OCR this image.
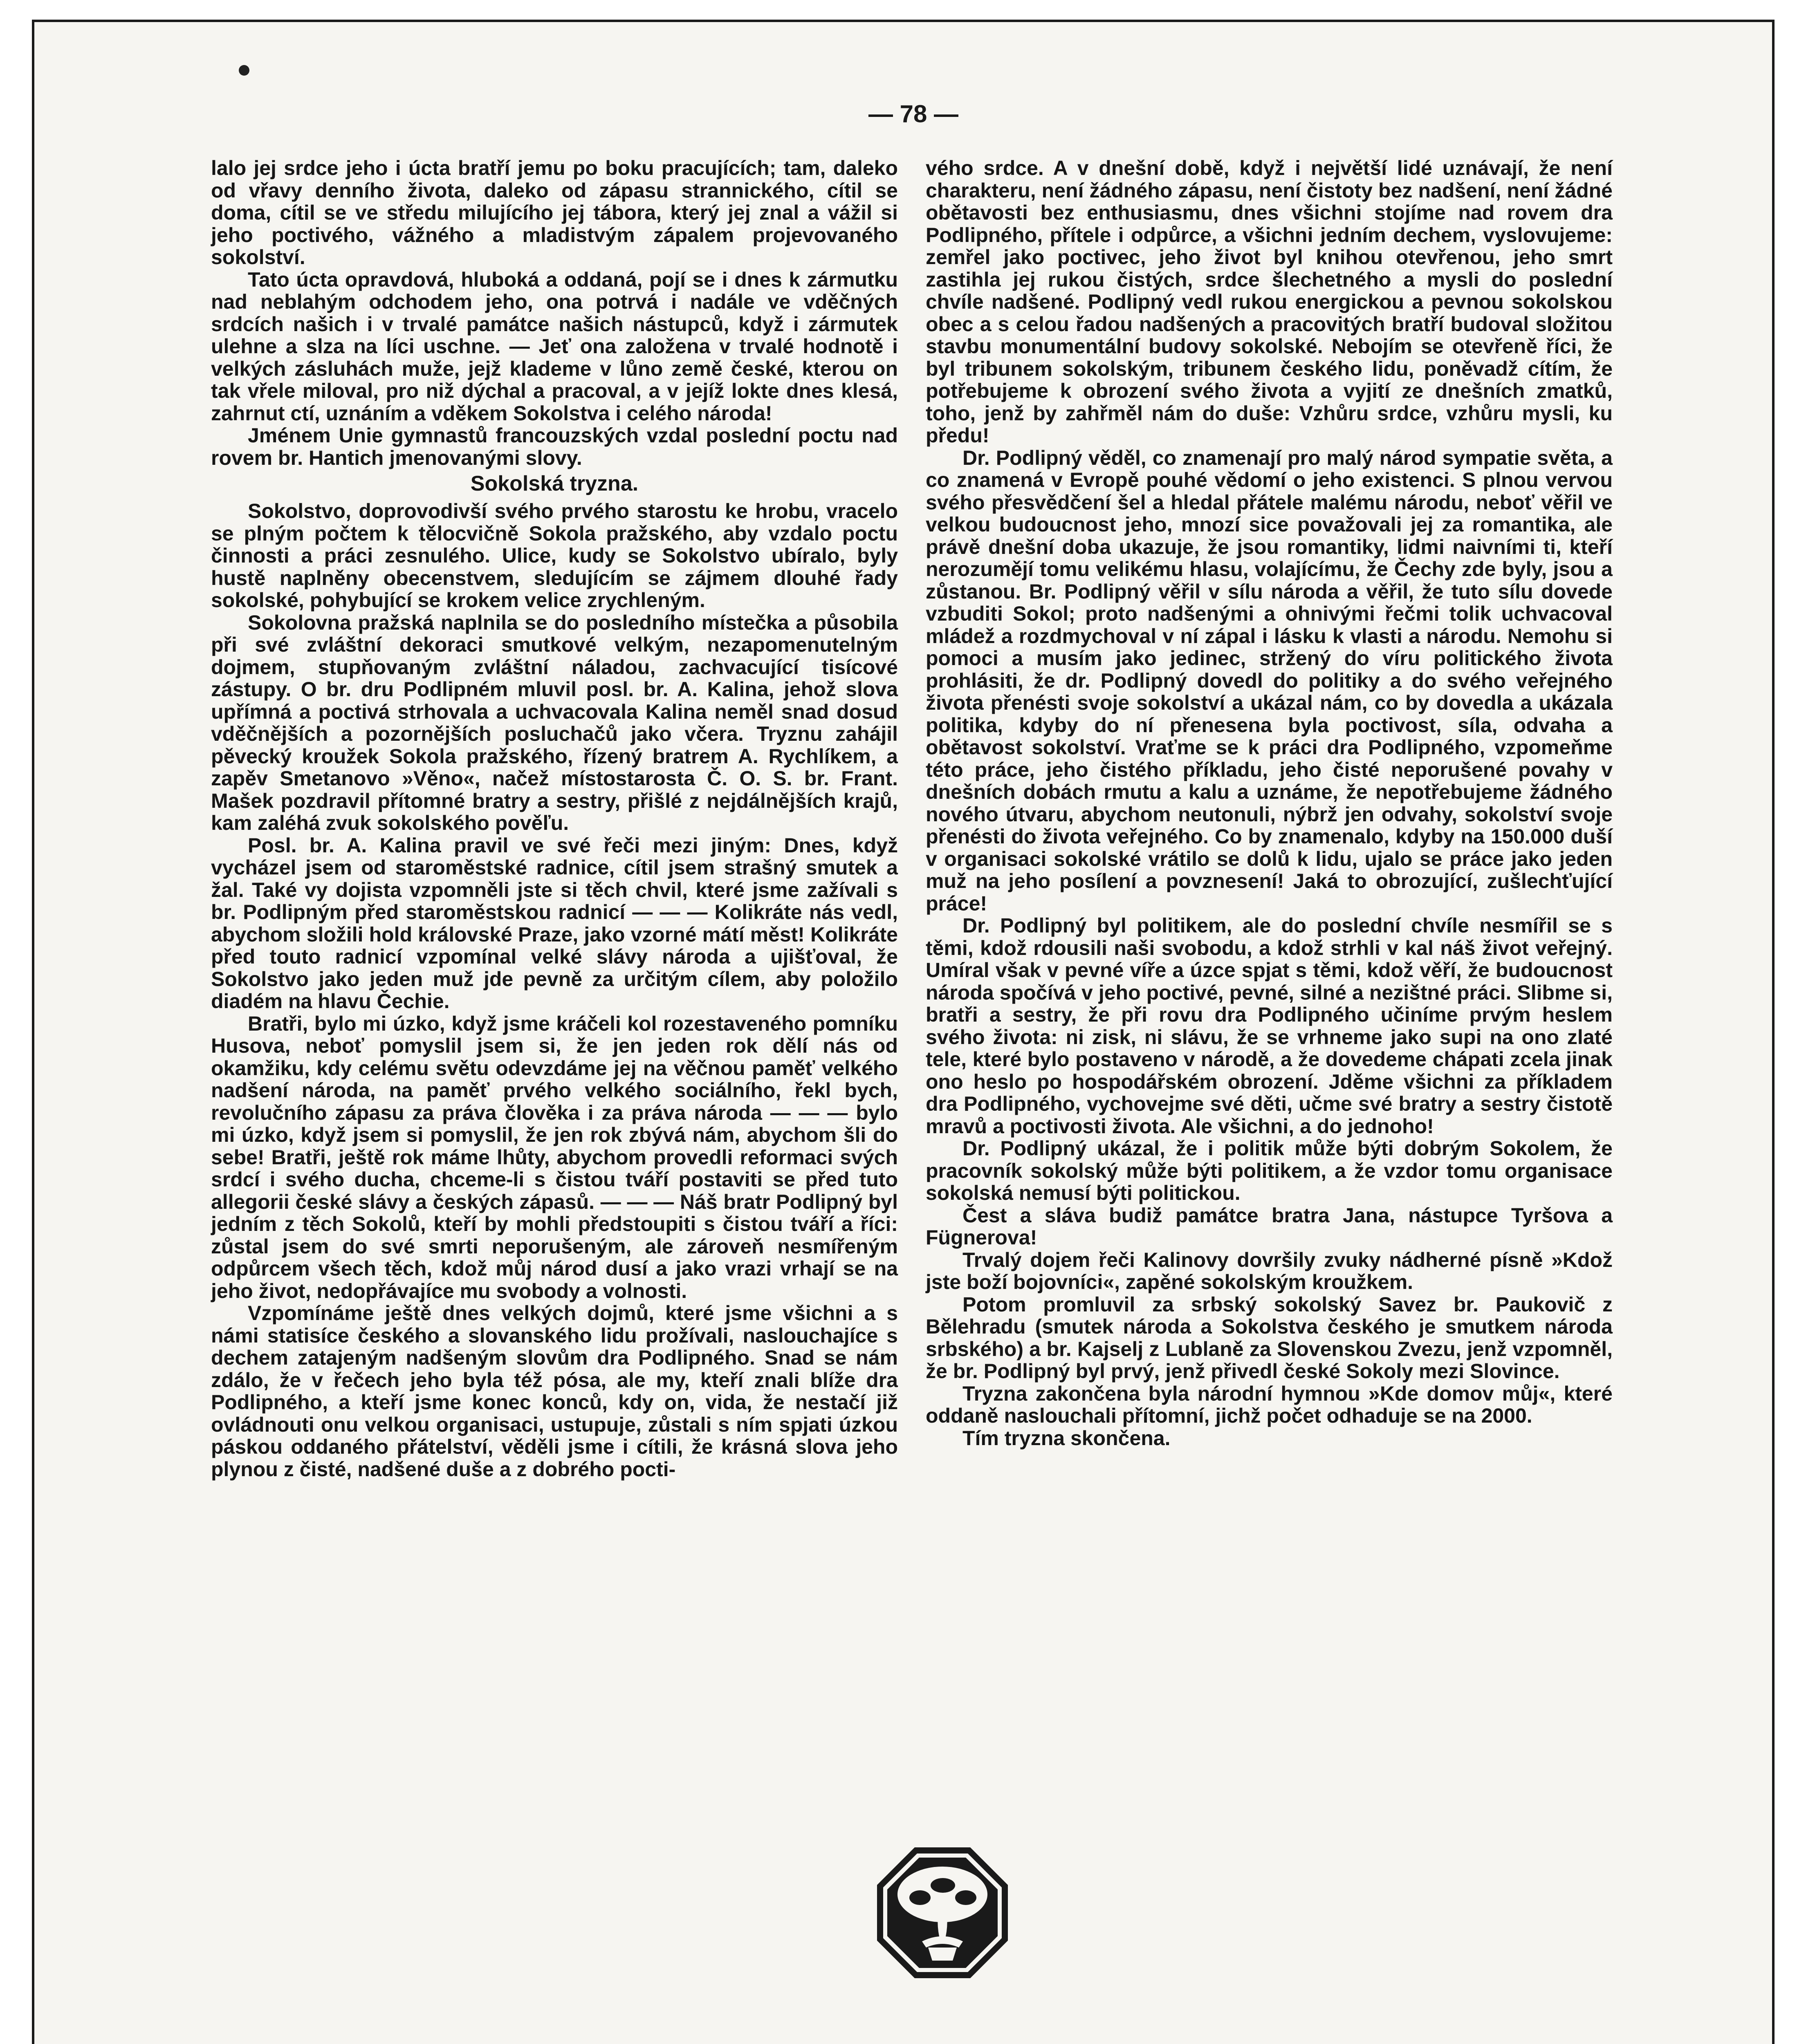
— 78 —

lalo jej srdce jeho i úcta bratří jemu po boku pracujících; tam, daleko od vřavy denního života, daleko od zápasu strannického, cítil se doma, cítil se ve středu milujícího jej tábora, který jej znal a vážil si jeho poctivého, vážného a mladistvým zápalem projevovaného sokolství.

Tato úcta opravdová, hluboká a oddaná, pojí se i dnes k zármutku nad neblahým odchodem jeho, ona potrvá i nadále ve vděčných srdcích našich i v trvalé památce našich nástupců, když i zármutek ulehne a slza na líci uschne. — Jeť ona založena v trvalé hodnotě i velkých zásluhách muže, jejž klademe v lůno země české, kterou on tak vřele miloval, pro niž dýchal a pracoval, a v jejíž lokte dnes klesá, zahrnut ctí, uznáním a vděkem Sokolstva i celého národa!

Jménem Unie gymnastů francouzských vzdal poslední poctu nad rovem br. Hantich jmenovanými slovy.

Sokolská tryzna.

Sokolstvo, doprovodivší svého prvého starostu ke hrobu, vracelo se plným počtem k tělocvičně Sokola pražského, aby vzdalo poctu činnosti a práci zesnulého. Ulice, kudy se Sokolstvo ubíralo, byly hustě naplněny obecenstvem, sledujícím se zájmem dlouhé řady sokolské, pohybující se krokem velice zrychleným.

Sokolovna pražská naplnila se do posledního místečka a působila při své zvláštní dekoraci smutkové velkým, nezapomenutelným dojmem, stupňovaným zvláštní náladou, zachvacující tisícové zástupy. O br. dru Podlipném mluvil posl. br. A. Kalina, jehož slova upřímná a poctivá strhovala a uchvacovala Kalina neměl snad dosud vděčnějších a pozornějších posluchačů jako včera. Tryznu zahájil pěvecký kroužek Sokola pražského, řízený bratrem A. Rychlíkem, a zapěv Smetanovo »Věno«, načež místostarosta Č. O. S. br. Frant. Mašek pozdravil přítomné bratry a sestry, přišlé z nejdálnějších krajů, kam zaléhá zvuk sokolského pověľu.

Posl. br. A. Kalina pravil ve své řeči mezi jiným: Dnes, když vycházel jsem od staroměstské radnice, cítil jsem strašný smutek a žal. Také vy dojista vzpomněli jste si těch chvil, které jsme zažívali s br. Podlipným před staroměstskou radnicí — — — Kolikráte nás vedl, abychom složili hold královské Praze, jako vzorné mátí měst! Kolikráte před touto radnicí vzpomínal velké slávy národa a ujišťoval, že Sokolstvo jako jeden muž jde pevně za určitým cílem, aby položilo diadém na hlavu Čechie.

Bratři, bylo mi úzko, když jsme kráčeli kol rozestaveného pomníku Husova, neboť pomyslil jsem si, že jen jeden rok dělí nás od okamžiku, kdy celému světu odevzdáme jej na věčnou paměť velkého nadšení národa, na paměť prvého velkého sociálního, řekl bych, revolučního zápasu za práva člověka i za práva národa — — — bylo mi úzko, když jsem si pomyslil, že jen rok zbývá nám, abychom šli do sebe! Bratři, ještě rok máme lhůty, abychom provedli reformaci svých srdcí i svého ducha, chceme-li s čistou tváří postaviti se před tuto allegorii české slávy a českých zápasů. — — — Náš bratr Podlipný byl jedním z těch Sokolů, kteří by mohli předstoupiti s čistou tváří a říci: zůstal jsem do své smrti neporušeným, ale zároveň nesmířeným odpůrcem všech těch, kdož můj národ dusí a jako vrazi vrhají se na jeho život, nedopřávajíce mu svobody a volnosti.

Vzpomínáme ještě dnes velkých dojmů, které jsme všichni a s námi statisíce českého a slovanského lidu prožívali, naslouchajíce s dechem zatajeným nadšeným slovům dra Podlipného. Snad se nám zdálo, že v řečech jeho byla též pósa, ale my, kteří znali blíže dra Podlipného, a kteří jsme konec konců, kdy on, vida, že nestačí již ovládnouti onu velkou organisaci, ustupuje, zůstali s ním spjati úzkou páskou oddaného přátelství, věděli jsme i cítili, že krásná slova jeho plynou z čisté, nadšené duše a z dobrého pocti-

vého srdce. A v dnešní době, když i největší lidé uznávají, že není charakteru, není žádného zápasu, není čistoty bez nadšení, není žádné obětavosti bez enthusiasmu, dnes všichni stojíme nad rovem dra Podlipného, přítele i odpůrce, a všichni jedním dechem, vyslovujeme: zemřel jako poctivec, jeho život byl knihou otevřenou, jeho smrt zastihla jej rukou čistých, srdce šlechetného a mysli do poslední chvíle nadšené. Podlipný vedl rukou energickou a pevnou sokolskou obec a s celou řadou nadšených a pracovitých bratří budoval složitou stavbu monumentální budovy sokolské. Nebojím se otevřeně říci, že byl tribunem sokolským, tribunem českého lidu, poněvadž cítím, že potřebujeme k obrození svého života a vyjití ze dnešních zmatků, toho, jenž by zahřměl nám do duše: Vzhůru srdce, vzhůru mysli, ku předu!

Dr. Podlipný věděl, co znamenají pro malý národ sympatie světa, a co znamená v Evropě pouhé vědomí o jeho existenci. S plnou vervou svého přesvědčení šel a hledal přátele malému národu, neboť věřil ve velkou budoucnost jeho, mnozí sice považovali jej za romantika, ale právě dnešní doba ukazuje, že jsou romantiky, lidmi naivními ti, kteří nerozumějí tomu velikému hlasu, volajícímu, že Čechy zde byly, jsou a zůstanou. Br. Podlipný věřil v sílu národa a věřil, že tuto sílu dovede vzbuditi Sokol; proto nadšenými a ohnivými řečmi tolik uchvacoval mládež a rozdmychoval v ní zápal i lásku k vlasti a národu. Nemohu si pomoci a musím jako jedinec, stržený do víru politického života prohlásiti, že dr. Podlipný dovedl do politiky a do svého veřejného života přenésti svoje sokolství a ukázal nám, co by dovedla a ukázala politika, kdyby do ní přenesena byla poctivost, síla, odvaha a obětavost sokolství. Vraťme se k práci dra Podlipného, vzpomeňme této práce, jeho čistého příkladu, jeho čisté neporušené povahy v dnešních dobách rmutu a kalu a uznáme, že nepotřebujeme žádného nového útvaru, abychom neutonuli, nýbrž jen odvahy, sokolství svoje přenésti do života veřejného. Co by znamenalo, kdyby na 150.000 duší v organisaci sokolské vrátilo se dolů k lidu, ujalo se práce jako jeden muž na jeho posílení a povznesení! Jaká to obrozující, zušlechťující práce!

Dr. Podlipný byl politikem, ale do poslední chvíle nesmířil se s těmi, kdož rdousili naši svobodu, a kdož strhli v kal náš život veřejný. Umíral však v pevné víře a úzce spjat s těmi, kdož věří, že budoucnost národa spočívá v jeho poctivé, pevné, silné a nezištné práci. Slibme si, bratři a sestry, že při rovu dra Podlipného učiníme prvým heslem svého života: ni zisk, ni slávu, že se vrhneme jako supi na ono zlaté tele, které bylo postaveno v národě, a že dovedeme chápati zcela jinak ono heslo po hospodářském obrození. Jděme všichni za příkladem dra Podlipného, vychovejme své děti, učme své bratry a sestry čistotě mravů a poctivosti života. Ale všichni, a do jednoho!

Dr. Podlipný ukázal, že i politik může býti dobrým Sokolem, že pracovník sokolský může býti politikem, a že vzdor tomu organisace sokolská nemusí býti politickou.

Čest a sláva budiž památce bratra Jana, nástupce Tyršova a Fügnerova!

Trvalý dojem řeči Kalinovy dovršily zvuky nádherné písně »Kdož jste boží bojovníci«, zapěné sokolským kroužkem.

Potom promluvil za srbský sokolský Savez br. Paukovič z Bělehradu (smutek národa a Sokolstva českého je smutkem národa srbského) a br. Kajselj z Lublaně za Slovenskou Zvezu, jenž vzpomněl, že br. Podlipný byl prvý, jenž přivedl české Sokoly mezi Slovince.

Tryzna zakončena byla národní hymnou »Kde domov můj«, které oddaně naslouchali přítomní, jichž počet odhaduje se na 2000.

Tím tryzna skončena.
